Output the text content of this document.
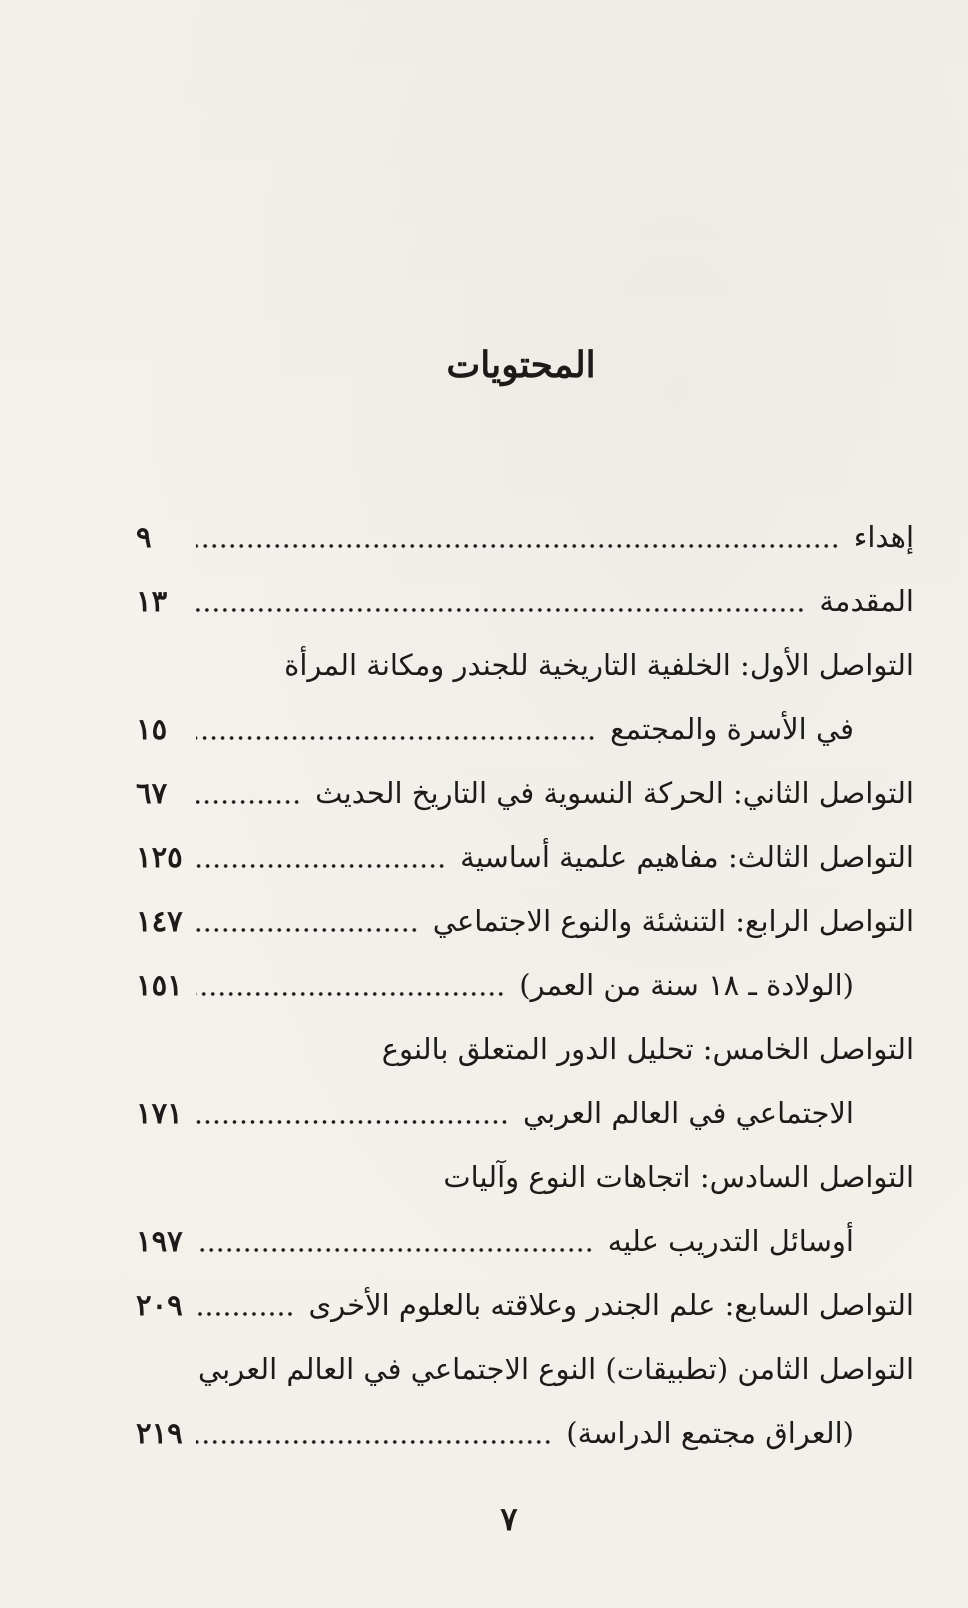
المحتويات
إهداء
٩
المقدمة
١٣
التواصل الأول: الخلفية التاريخية للجندر ومكانة المرأة
في الأسرة والمجتمع
١٥
التواصل الثاني: الحركة النسوية في التاريخ الحديث
٦٧
التواصل الثالث: مفاهيم علمية أساسية
١٢٥
التواصل الرابع: التنشئة والنوع الاجتماعي
١٤٧
(الولادة ـ ١٨ سنة من العمر)
١٥١
التواصل الخامس: تحليل الدور المتعلق بالنوع
الاجتماعي في العالم العربي
١٧١
التواصل السادس: اتجاهات النوع وآليات
أوسائل التدريب عليه
١٩٧
التواصل السابع: علم الجندر وعلاقته بالعلوم الأخرى
٢٠٩
التواصل الثامن (تطبيقات) النوع الاجتماعي في العالم العربي
(العراق مجتمع الدراسة)
٢١٩
٧
